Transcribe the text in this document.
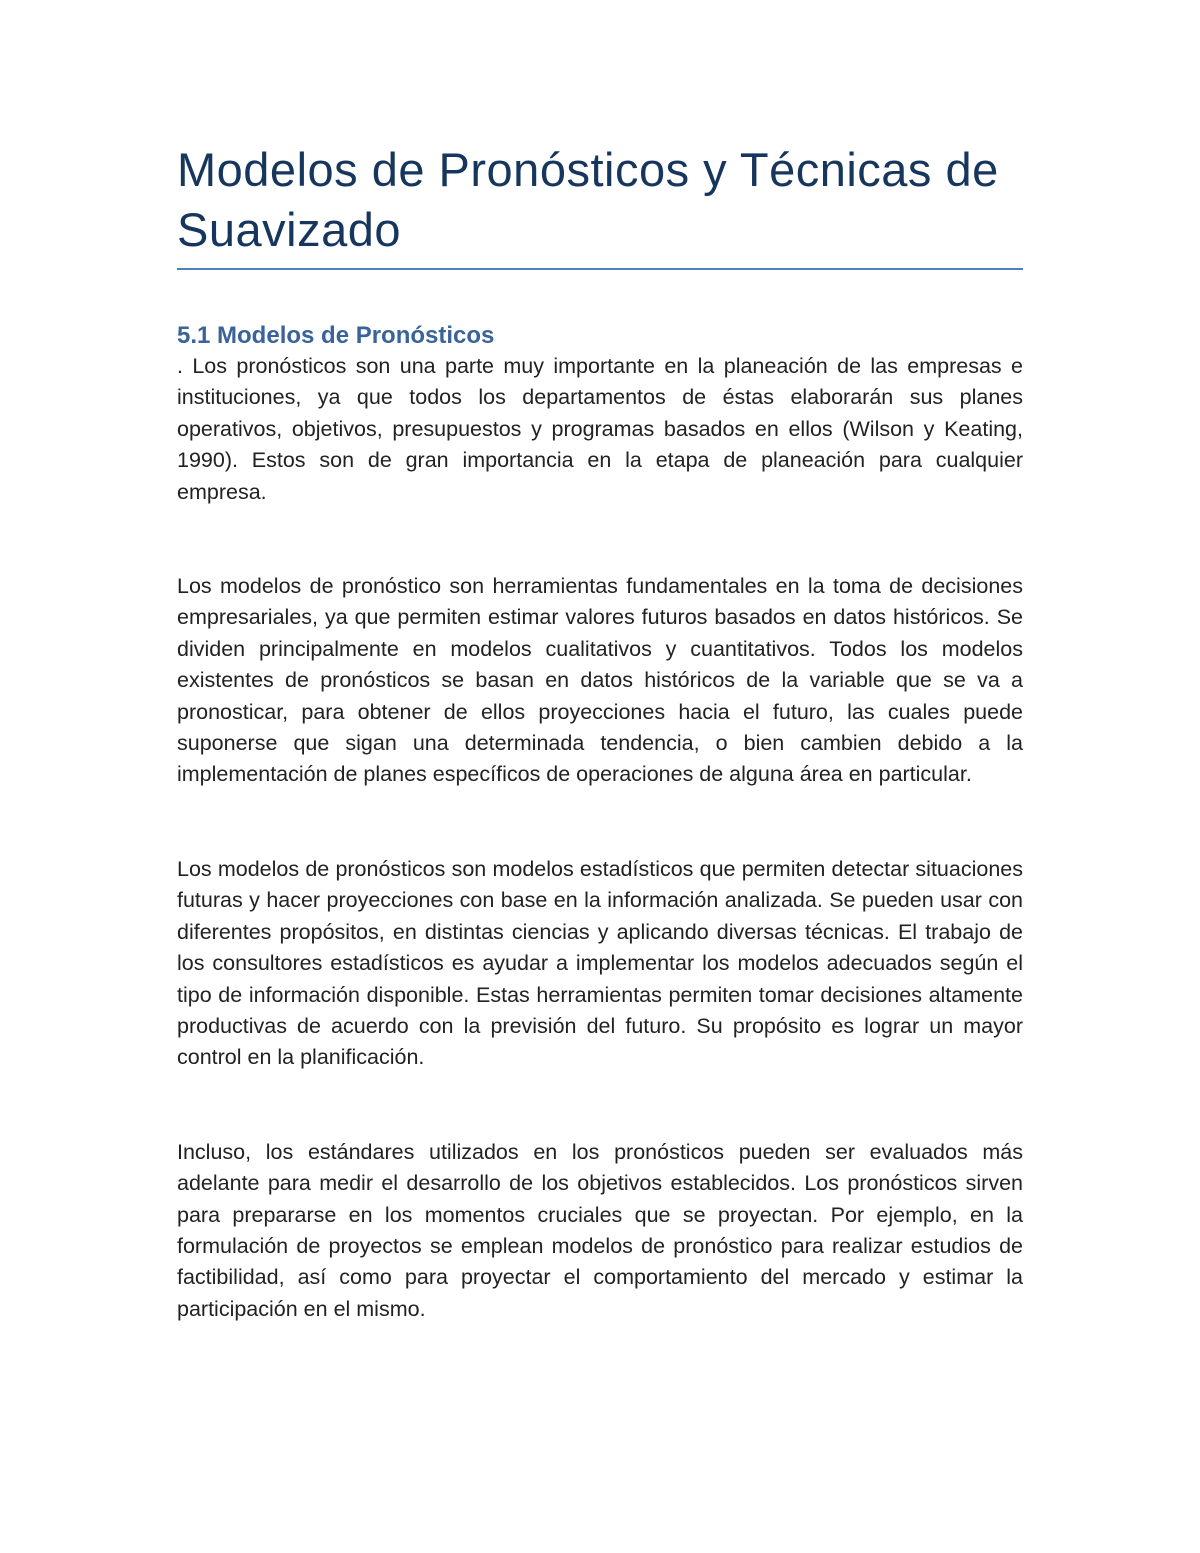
Modelos de Pronósticos y Técnicas de Suavizado
5.1 Modelos de Pronósticos

. Los pronósticos son una parte muy importante en la planeación de las empresas e instituciones, ya que todos los departamentos de éstas elaborarán sus planes operativos, objetivos, presupuestos y programas basados en ellos (Wilson y Keating, 1990). Estos son de gran importancia en la etapa de planeación para cualquier empresa.

Los modelos de pronóstico son herramientas fundamentales en la toma de decisiones empresariales, ya que permiten estimar valores futuros basados en datos históricos. Se dividen principalmente en modelos cualitativos y cuantitativos. Todos los modelos existentes de pronósticos se basan en datos históricos de la variable que se va a pronosticar, para obtener de ellos proyecciones hacia el futuro, las cuales puede suponerse que sigan una determinada tendencia, o bien cambien debido a la implementación de planes específicos de operaciones de alguna área en particular.

Los modelos de pronósticos son modelos estadísticos que permiten detectar situaciones futuras y hacer proyecciones con base en la información analizada. Se pueden usar con diferentes propósitos, en distintas ciencias y aplicando diversas técnicas. El trabajo de los consultores estadísticos es ayudar a implementar los modelos adecuados según el tipo de información disponible. Estas herramientas permiten tomar decisiones altamente productivas de acuerdo con la previsión del futuro. Su propósito es lograr un mayor control en la planificación.

Incluso, los estándares utilizados en los pronósticos pueden ser evaluados más adelante para medir el desarrollo de los objetivos establecidos. Los pronósticos sirven para prepararse en los momentos cruciales que se proyectan. Por ejemplo, en la formulación de proyectos se emplean modelos de pronóstico para realizar estudios de factibilidad, así como para proyectar el comportamiento del mercado y estimar la participación en el mismo.
